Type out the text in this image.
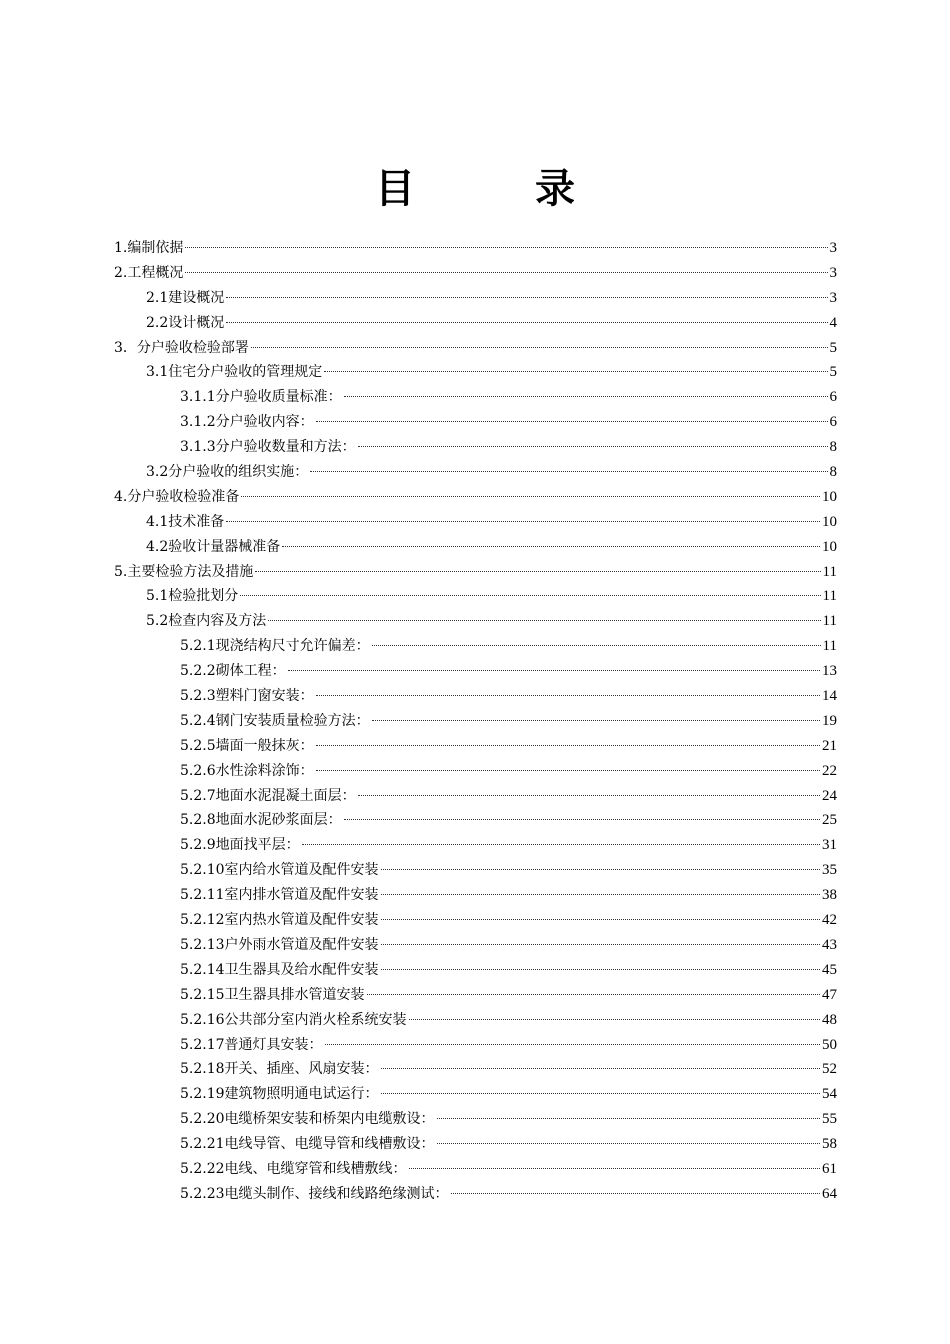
目　录
1.编制依据	3
2.工程概况	3
2.1建设概况	3
2.2设计概况	4
3．分户验收检验部署	5
3.1住宅分户验收的管理规定	5
3.1.1分户验收质量标准：	6
3.1.2分户验收内容：	6
3.1.3分户验收数量和方法：	8
3.2分户验收的组织实施：	8
4.分户验收检验准备	10
4.1技术准备	10
4.2验收计量器械准备	10
5.主要检验方法及措施	11
5.1检验批划分	11
5.2检查内容及方法	11
5.2.1现浇结构尺寸允许偏差：	11
5.2.2砌体工程：	13
5.2.3塑料门窗安装：	14
5.2.4钢门安装质量检验方法：	19
5.2.5墙面一般抹灰：	21
5.2.6水性涂料涂饰：	22
5.2.7地面水泥混凝土面层：	24
5.2.8地面水泥砂浆面层：	25
5.2.9地面找平层：	31
5.2.10室内给水管道及配件安装	35
5.2.11室内排水管道及配件安装	38
5.2.12室内热水管道及配件安装	42
5.2.13户外雨水管道及配件安装	43
5.2.14卫生器具及给水配件安装	45
5.2.15卫生器具排水管道安装	47
5.2.16公共部分室内消火栓系统安装	48
5.2.17普通灯具安装：	50
5.2.18开关、插座、风扇安装：	52
5.2.19建筑物照明通电试运行：	54
5.2.20电缆桥架安装和桥架内电缆敷设：	55
5.2.21电线导管、电缆导管和线槽敷设：	58
5.2.22电线、电缆穿管和线槽敷线：	61
5.2.23电缆头制作、接线和线路绝缘测试：	64
